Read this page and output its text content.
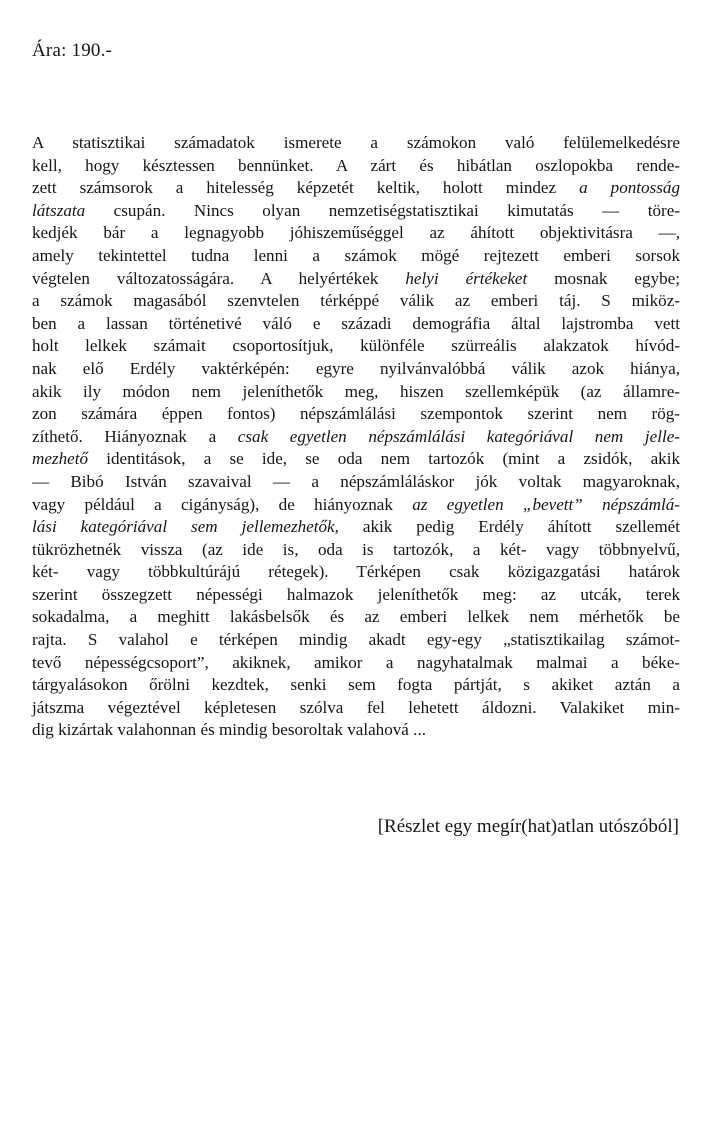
Ára: 190.-
A statisztikai számadatok ismerete a számokon való felülemelkedésre
kell, hogy késztessen bennünket. A zárt és hibátlan oszlopokba rende-
zett számsorok a hitelesség képzetét keltik, holott mindez a pontosság
látszata csupán. Nincs olyan nemzetiségstatisztikai kimutatás — töre-
kedjék bár a legnagyobb jóhiszeműséggel az áhított objektivitásra —,
amely tekintettel tudna lenni a számok mögé rejtezett emberi sorsok
végtelen változatosságára. A helyértékek helyi értékeket mosnak egybe;
a számok magasából szenvtelen térképpé válik az emberi táj. S miköz-
ben a lassan történetivé váló e századi demográfia által lajstromba vett
holt lelkek számait csoportosítjuk, különféle szürreális alakzatok hívód-
nak elő Erdély vaktérképén: egyre nyilvánvalóbbá válik azok hiánya,
akik ily módon nem jeleníthetők meg, hiszen szellemképük (az államre-
zon számára éppen fontos) népszámlálási szempontok szerint nem rög-
zíthető. Hiányoznak a csak egyetlen népszámlálási kategóriával nem jelle-
mezhető identitások, a se ide, se oda nem tartozók (mint a zsidók, akik
— Bibó István szavaival — a népszámláláskor jók voltak magyaroknak,
vagy például a cigányság), de hiányoznak az egyetlen „bevett” népszámlá-
lási kategóriával sem jellemezhetők, akik pedig Erdély áhított szellemét
tükrözhetnék vissza (az ide is, oda is tartozók, a két- vagy többnyelvű,
két- vagy többkultúrájú rétegek). Térképen csak közigazgatási határok
szerint összegzett népességi halmazok jeleníthetők meg: az utcák, terek
sokadalma, a meghitt lakásbelsők és az emberi lelkek nem mérhetők be
rajta. S valahol e térképen mindig akadt egy-egy „statisztikailag számot-
tevő népességcsoport”, akiknek, amikor a nagyhatalmak malmai a béke-
tárgyalásokon őrölni kezdtek, senki sem fogta pártját, s akiket aztán a
játszma végeztével képletesen szólva fel lehetett áldozni. Valakiket min-
dig kizártak valahonnan és mindig besoroltak valahová ...
[Részlet egy megír(hat)atlan utószóból]
